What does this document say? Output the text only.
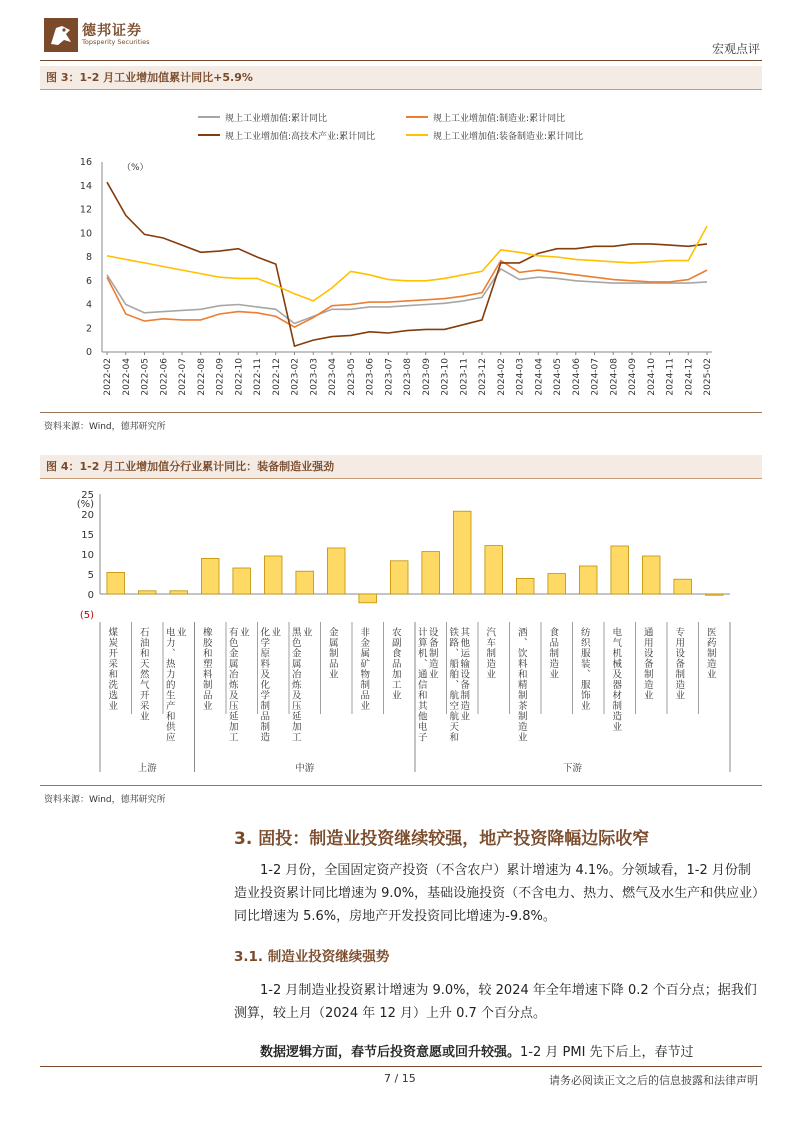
德邦证券
Topsperity Securities	宏观点评
图 3：1-2 月工业增加值累计同比+5.9%
规上工业增加值:累计同比	规上工业增加值:制造业:累计同比
规上工业增加值:高技术产业:累计同比	规上工业增加值:装备制造业:累计同比
（%）
0
2
4
6
8
10
12
14
16
2022-02 2022-04 2022-05 2022-06 2022-07 2022-08 2022-09 2022-10 2022-11 2022-12 2023-02 2023-03 2023-04 2023-05 2023-06 2023-07 2023-08 2023-09 2023-10 2023-11 2023-12 2024-02 2024-03 2024-04 2024-05 2024-06 2024-07 2024-08 2024-09 2024-10 2024-11 2024-12 2025-02
资料来源：Wind，德邦研究所
图 4：1-2 月工业增加值分行业累计同比：装备制造业强劲
(%)
(5)
0
5
10
15
20
25
煤炭开采和洗选业 石油和天然气开采业 电力、热力的生产和供应 业 橡胶和塑料制品业 有色金属冶炼及压延加工 业 化学原料及化学制品制造 业 黑色金属冶炼及压延加工 业 金属制品业 非金属矿物制品业 农副食品加工业 计算机、通信和其他电子 设备制造业 铁路、船舶、航空航天和 其他运输设备制造业 汽车制造业 酒、饮料和精制茶制造业 食品制造业 纺织服装、服饰业 电气机械及器材制造业 通用设备制造业 专用设备制造业 医药制造业
上游	中游	下游
资料来源：Wind，德邦研究所
3. 固投：制造业投资继续较强，地产投资降幅边际收窄
1-2 月份，全国固定资产投资（不含农户）累计增速为 4.1%。分领域看，1-2 月份制造业投资累计同比增速为 9.0%，基础设施投资（不含电力、热力、燃气及水生产和供应业）同比增速为 5.6%，房地产开发投资同比增速为-9.8%。
3.1. 制造业投资继续强势
1-2 月制造业投资累计增速为 9.0%，较 2024 年全年增速下降 0.2 个百分点；据我们测算，较上月（2024 年 12 月）上升 0.7 个百分点。
数据逻辑方面，春节后投资意愿或回升较强。1-2 月 PMI 先下后上，春节过
7 / 15	请务必阅读正文之后的信息披露和法律声明
